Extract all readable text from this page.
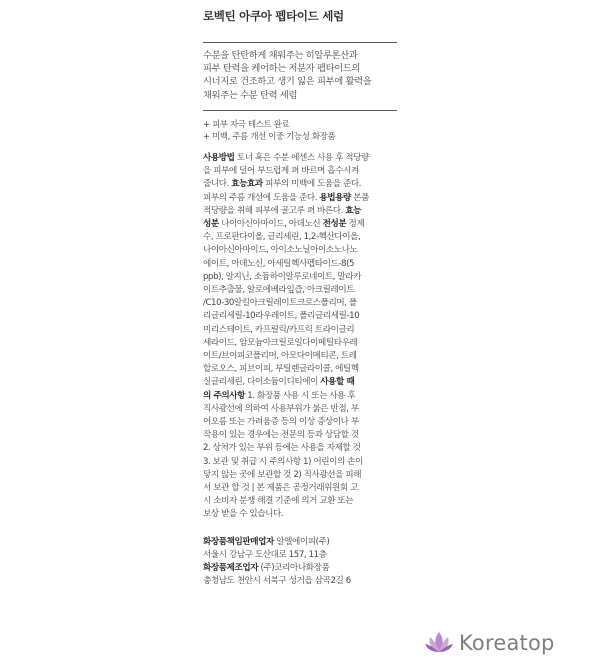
로벡틴 아쿠아 펩타이드 세럼
수분을 탄탄하게 채워주는 히알루론산과
피부 탄력을 케어하는 저분자 펩타이드의
시너지로 건조하고 생기 잃은 피부에 활력을
채워주는 수분 탄력 세럼
+ 피부 자극 테스트 완료
+ 미백, 주름 개선 이중 기능성 화장품
사용방법 토너 혹은 수분 에센스 사용 후 적당량
을 피부에 덜어 부드럽게 펴 바르며 흡수시켜
줍니다. 효능효과 피부의 미백에 도움을 준다.
피부의 주름 개선에 도움을 준다. 용법용량 본품
적당량을 취해 피부에 골고루 펴 바른다. 효능
성분 나이아신아마이드, 아데노신 전성분 정제
수, 프로판다이올, 글리세린, 1,2-헥산다이올,
나이아신아마이드, 아이소노닐아이소노나노
에이트, 아데노신, 아세틸헥사펩타이드-8(5
ppb), 알지닌, 소듐하이알루로네이트, 말라카
이트추출물, 알로에베라잎즙, 아크릴레이트
/C10-30알킬아크릴레이트크로스폴리머, 폴
리글리세릴-10라우레이트, 폴리글리세릴-10
미리스테이트, 카프릴릭/카프릭 트라이글리
세라이드, 암모늄아크릴로일다이메틸타우레
이트/브이피코폴리머, 아모다이메티콘, 트레
할로오스, 피브이피, 부틸렌글라이콜, 에틸헥
실글리세린, 다이소듐이디티에이 사용할 때
의 주의사항 1. 화장품 사용 시 또는 사용 후
직사광선에 의하여 사용부위가 붉은 반점, 부
어오름 또는 가려움증 등의 이상 증상이나 부
작용이 있는 경우에는 전문의 등과 상담할 것
2. 상처가 있는 부위 등에는 사용을 자제할 것
3. 보관 및 취급 시 주의사항 1) 어린이의 손이
닿지 않는 곳에 보관할 것 2) 직사광선을 피해
서 보관 할 것 | 본 제품은 공정거래위원회 고
시 소비자 분쟁 해결 기준에 의거 교환 또는
보상 받을 수 있습니다.
화장품책임판매업자 알엘에이피(주)
서울시 강남구 도산대로 157, 11층
화장품제조업자 (주)코리아나화장품
충청남도 천안시 서북구 성거읍 삼곡2길 6
Koreatop
